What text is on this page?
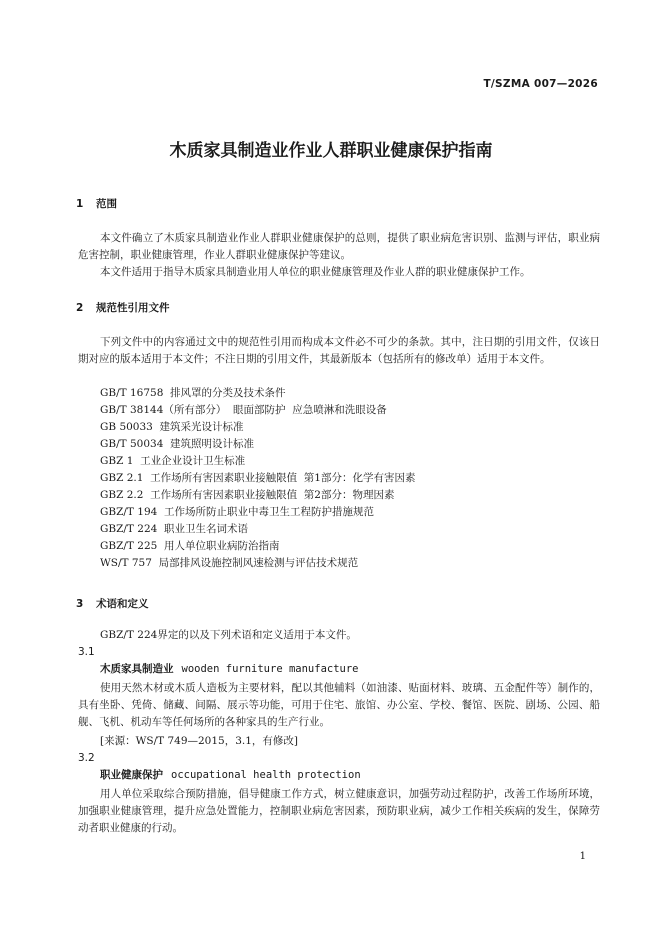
T/SZMA 007—2026
木质家具制造业作业人群职业健康保护指南
1 范围

本文件确立了木质家具制造业作业人群职业健康保护的总则，提供了职业病危害识别、监测与评估，职业病危害控制，职业健康管理，作业人群职业健康保护等建议。

本文件适用于指导木质家具制造业用人单位的职业健康管理及作业人群的职业健康保护工作。

2 规范性引用文件

下列文件中的内容通过文中的规范性引用而构成本文件必不可少的条款。其中，注日期的引用文件，仅该日期对应的版本适用于本文件；不注日期的引用文件，其最新版本（包括所有的修改单）适用于本文件。

GB/T 16758  排风罩的分类及技术条件
GB/T 38144（所有部分）  眼面部防护  应急喷淋和洗眼设备
GB 50033  建筑采光设计标准
GB/T 50034  建筑照明设计标准
GBZ 1  工业企业设计卫生标准
GBZ 2.1  工作场所有害因素职业接触限值  第1部分：化学有害因素
GBZ 2.2  工作场所有害因素职业接触限值  第2部分：物理因素
GBZ/T 194  工作场所防止职业中毒卫生工程防护措施规范
GBZ/T 224  职业卫生名词术语
GBZ/T 225  用人单位职业病防治指南
WS/T 757  局部排风设施控制风速检测与评估技术规范
3 术语和定义

GBZ/T 224界定的以及下列术语和定义适用于本文件。

3.1
木质家具制造业 wooden furniture manufacture

使用天然木材或木质人造板为主要材料，配以其他辅料（如油漆、贴面材料、玻璃、五金配件等）制作的，具有坐卧、凭倚、储藏、间隔、展示等功能，可用于住宅、旅馆、办公室、学校、餐馆、医院、剧场、公园、船舰、飞机、机动车等任何场所的各种家具的生产行业。

[来源：WS/T 749—2015，3.1，有修改]
3.2
职业健康保护 occupational health protection

用人单位采取综合预防措施，倡导健康工作方式，树立健康意识，加强劳动过程防护，改善工作场所环境，加强职业健康管理，提升应急处置能力，控制职业病危害因素，预防职业病，减少工作相关疾病的发生，保障劳动者职业健康的行动。

1
